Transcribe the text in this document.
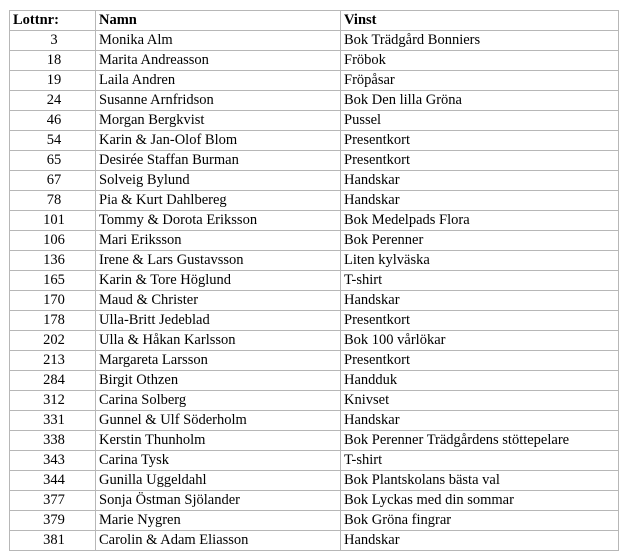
Lottnr:	Namn	Vinst
3	Monika Alm	Bok Trädgård Bonniers
18	Marita Andreasson	Fröbok
19	Laila Andren	Fröpåsar
24	Susanne Arnfridson	Bok Den lilla Gröna
46	Morgan Bergkvist	Pussel
54	Karin & Jan-Olof Blom	Presentkort
65	Desirée Staffan Burman	Presentkort
67	Solveig Bylund	Handskar
78	Pia & Kurt Dahlbereg	Handskar
101	Tommy & Dorota Eriksson	Bok Medelpads Flora
106	Mari Eriksson	Bok Perenner
136	Irene & Lars Gustavsson	Liten kylväska
165	Karin & Tore Höglund	T-shirt
170	Maud & Christer	Handskar
178	Ulla-Britt Jedeblad	Presentkort
202	Ulla & Håkan Karlsson	Bok 100 vårlökar
213	Margareta Larsson	Presentkort
284	Birgit Othzen	Handduk
312	Carina Solberg	Knivset
331	Gunnel & Ulf Söderholm	Handskar
338	Kerstin Thunholm	Bok Perenner Trädgårdens stöttepelare
343	Carina Tysk	T-shirt
344	Gunilla Uggeldahl	Bok Plantskolans bästa val
377	Sonja Östman Sjölander	Bok Lyckas med din sommar
379	Marie Nygren	Bok Gröna fingrar
381	Carolin & Adam Eliasson	Handskar
